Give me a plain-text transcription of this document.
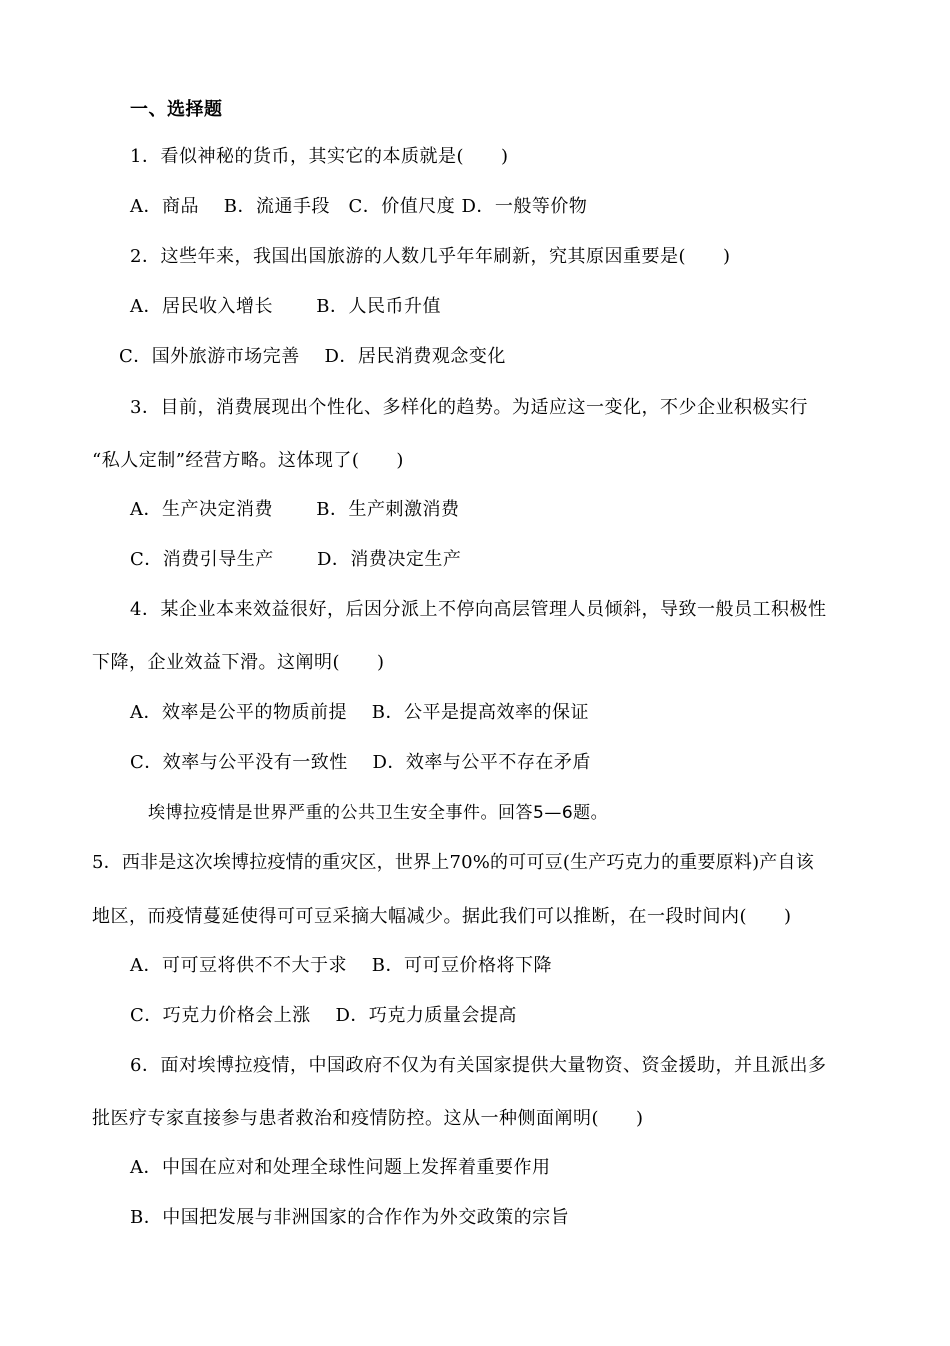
一、选择题

1．看似神秘的货币，其实它的本质就是(　　)

A．商品　 B．流通手段　C．价值尺度 D．一般等价物

2．这些年来，我国出国旅游的人数几乎年年刷新，究其原因重要是(　　)

A．居民收入增长　　 B．人民币升值

C．国外旅游市场完善　 D．居民消费观念变化

3．目前，消费展现出个性化、多样化的趋势。为适应这一变化，不少企业积极实行

“私人定制”经营方略。这体现了(　　)

A．生产决定消费　　 B．生产刺激消费

C．消费引导生产　　 D．消费决定生产

4．某企业本来效益很好，后因分派上不停向高层管理人员倾斜，导致一般员工积极性

下降，企业效益下滑。这阐明(　　)

A．效率是公平的物质前提　 B．公平是提高效率的保证

C．效率与公平没有一致性　 D．效率与公平不存在矛盾

埃博拉疫情是世界严重的公共卫生安全事件。回答5—6题。

5．西非是这次埃博拉疫情的重灾区，世界上70%的可可豆(生产巧克力的重要原料)产自该

地区，而疫情蔓延使得可可豆采摘大幅减少。据此我们可以推断，在一段时间内(　　)

A．可可豆将供不不大于求　 B．可可豆价格将下降

C．巧克力价格会上涨　 D．巧克力质量会提高

6．面对埃博拉疫情，中国政府不仅为有关国家提供大量物资、资金援助，并且派出多

批医疗专家直接参与患者救治和疫情防控。这从一种侧面阐明(　　)

A．中国在应对和处理全球性问题上发挥着重要作用

B．中国把发展与非洲国家的合作作为外交政策的宗旨
